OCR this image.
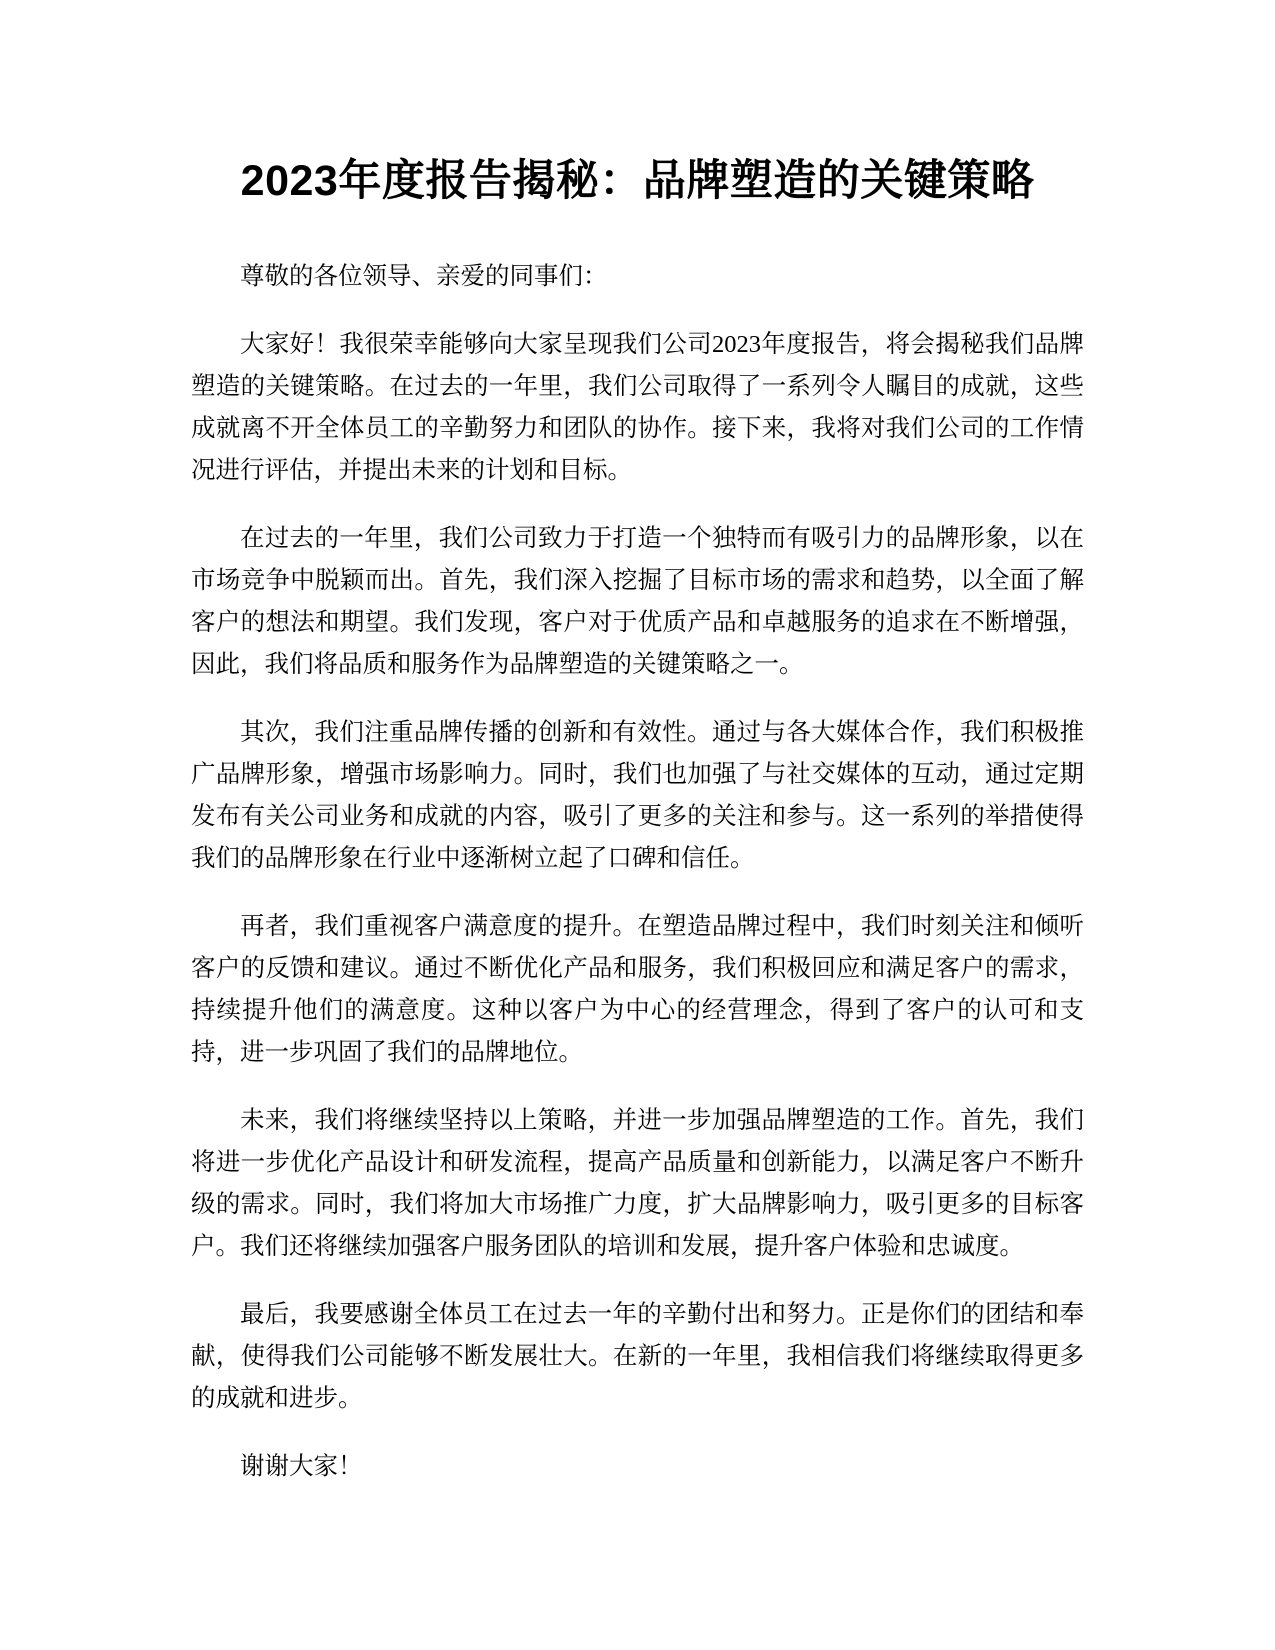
2023年度报告揭秘：品牌塑造的关键策略

尊敬的各位领导、亲爱的同事们：

大家好！我很荣幸能够向大家呈现我们公司2023年度报告，将会揭秘我们品牌塑造的关键策略。在过去的一年里，我们公司取得了一系列令人瞩目的成就，这些成就离不开全体员工的辛勤努力和团队的协作。接下来，我将对我们公司的工作情况进行评估，并提出未来的计划和目标。

在过去的一年里，我们公司致力于打造一个独特而有吸引力的品牌形象，以在市场竞争中脱颖而出。首先，我们深入挖掘了目标市场的需求和趋势，以全面了解客户的想法和期望。我们发现，客户对于优质产品和卓越服务的追求在不断增强，因此，我们将品质和服务作为品牌塑造的关键策略之一。

其次，我们注重品牌传播的创新和有效性。通过与各大媒体合作，我们积极推广品牌形象，增强市场影响力。同时，我们也加强了与社交媒体的互动，通过定期发布有关公司业务和成就的内容，吸引了更多的关注和参与。这一系列的举措使得我们的品牌形象在行业中逐渐树立起了口碑和信任。

再者，我们重视客户满意度的提升。在塑造品牌过程中，我们时刻关注和倾听客户的反馈和建议。通过不断优化产品和服务，我们积极回应和满足客户的需求，持续提升他们的满意度。这种以客户为中心的经营理念，得到了客户的认可和支持，进一步巩固了我们的品牌地位。

未来，我们将继续坚持以上策略，并进一步加强品牌塑造的工作。首先，我们将进一步优化产品设计和研发流程，提高产品质量和创新能力，以满足客户不断升级的需求。同时，我们将加大市场推广力度，扩大品牌影响力，吸引更多的目标客户。我们还将继续加强客户服务团队的培训和发展，提升客户体验和忠诚度。

最后，我要感谢全体员工在过去一年的辛勤付出和努力。正是你们的团结和奉献，使得我们公司能够不断发展壮大。在新的一年里，我相信我们将继续取得更多的成就和进步。

谢谢大家！
